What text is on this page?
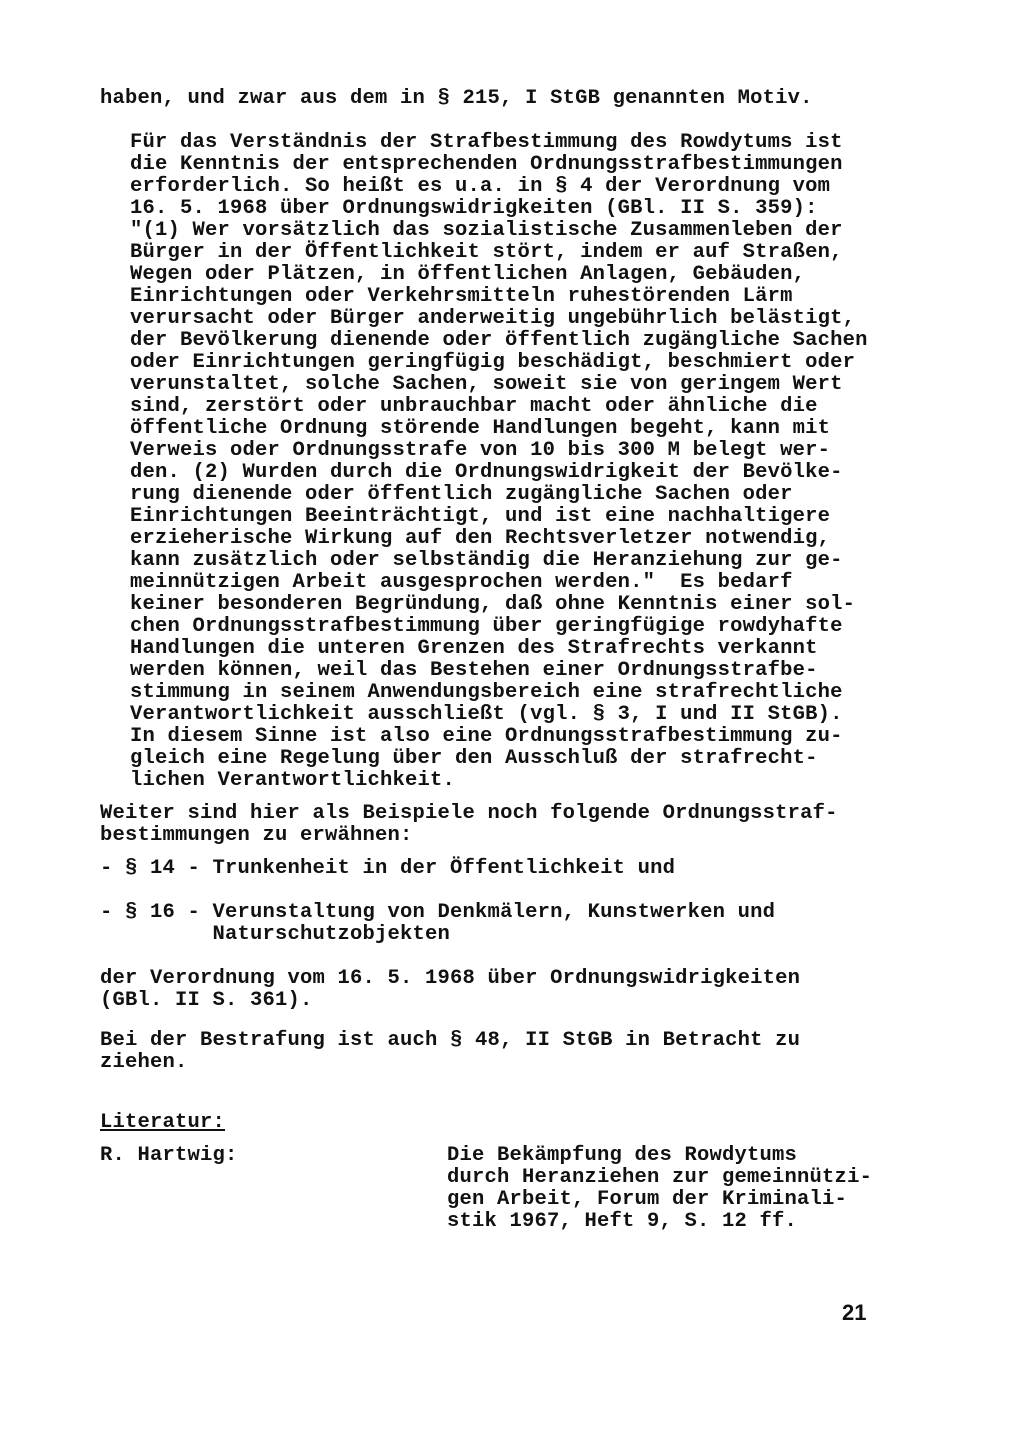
haben, und zwar aus dem in § 215, I StGB genannten Motiv.
Für das Verständnis der Strafbestimmung des Rowdytums ist
die Kenntnis der entsprechenden Ordnungsstrafbestimmungen
erforderlich. So heißt es u.a. in § 4 der Verordnung vom
16. 5. 1968 über Ordnungswidrigkeiten (GBl. II S. 359):
"(1) Wer vorsätzlich das sozialistische Zusammenleben der
Bürger in der Öffentlichkeit stört, indem er auf Straßen,
Wegen oder Plätzen, in öffentlichen Anlagen, Gebäuden,
Einrichtungen oder Verkehrsmitteln ruhestörenden Lärm
verursacht oder Bürger anderweitig ungebührlich belästigt,
der Bevölkerung dienende oder öffentlich zugängliche Sachen
oder Einrichtungen geringfügig beschädigt, beschmiert oder
verunstaltet, solche Sachen, soweit sie von geringem Wert
sind, zerstört oder unbrauchbar macht oder ähnliche die
öffentliche Ordnung störende Handlungen begeht, kann mit
Verweis oder Ordnungsstrafe von 10 bis 300 M belegt wer-
den. (2) Wurden durch die Ordnungswidrigkeit der Bevölke-
rung dienende oder öffentlich zugängliche Sachen oder
Einrichtungen Beeinträchtigt, und ist eine nachhaltigere
erzieherische Wirkung auf den Rechtsverletzer notwendig,
kann zusätzlich oder selbständig die Heranziehung zur ge-
meinnützigen Arbeit ausgesprochen werden."  Es bedarf
keiner besonderen Begründung, daß ohne Kenntnis einer sol-
chen Ordnungsstrafbestimmung über geringfügige rowdyhafte
Handlungen die unteren Grenzen des Strafrechts verkannt
werden können, weil das Bestehen einer Ordnungsstrafbe-
stimmung in seinem Anwendungsbereich eine strafrechtliche
Verantwortlichkeit ausschließt (vgl. § 3, I und II StGB).
In diesem Sinne ist also eine Ordnungsstrafbestimmung zu-
gleich eine Regelung über den Ausschluß der strafrecht-
lichen Verantwortlichkeit.
Weiter sind hier als Beispiele noch folgende Ordnungsstraf-
bestimmungen zu erwähnen:
- § 14 - Trunkenheit in der Öffentlichkeit und
- § 16 - Verunstaltung von Denkmälern, Kunstwerken und
Naturschutzobjekten
der Verordnung vom 16. 5. 1968 über Ordnungswidrigkeiten
(GBl. II S. 361).
Bei der Bestrafung ist auch § 48, II StGB in Betracht zu
ziehen.
Literatur:
R. Hartwig:	Die Bekämpfung des Rowdytums
durch Heranziehen zur gemeinnützi-
gen Arbeit, Forum der Kriminali-
stik 1967, Heft 9, S. 12 ff.
21
